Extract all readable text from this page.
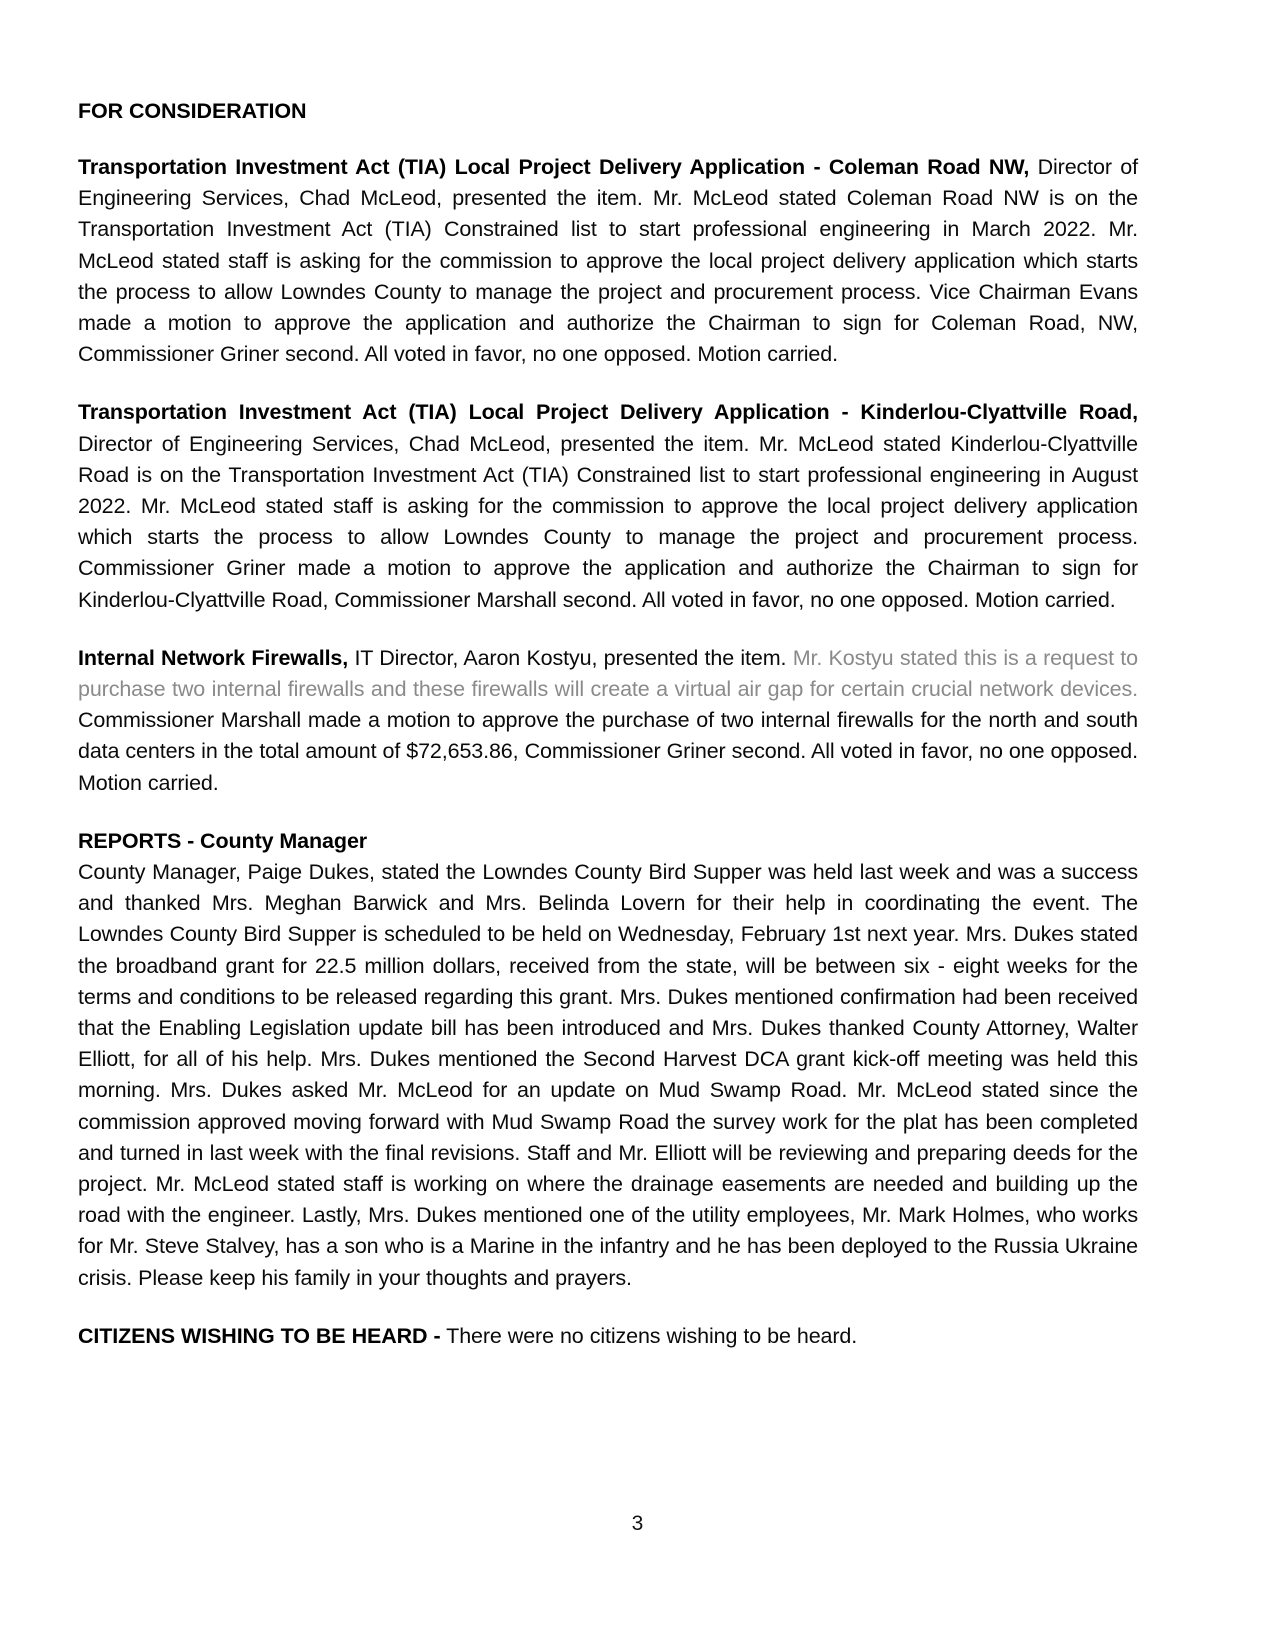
FOR CONSIDERATION

Transportation Investment Act (TIA) Local Project Delivery Application - Coleman Road NW, Director of Engineering Services, Chad McLeod, presented the item. Mr. McLeod stated Coleman Road NW is on the Transportation Investment Act (TIA) Constrained list to start professional engineering in March 2022. Mr. McLeod stated staff is asking for the commission to approve the local project delivery application which starts the process to allow Lowndes County to manage the project and procurement process. Vice Chairman Evans made a motion to approve the application and authorize the Chairman to sign for Coleman Road, NW, Commissioner Griner second. All voted in favor, no one opposed. Motion carried.

Transportation Investment Act (TIA) Local Project Delivery Application - Kinderlou-Clyattville Road, Director of Engineering Services, Chad McLeod, presented the item. Mr. McLeod stated Kinderlou-Clyattville Road is on the Transportation Investment Act (TIA) Constrained list to start professional engineering in August 2022. Mr. McLeod stated staff is asking for the commission to approve the local project delivery application which starts the process to allow Lowndes County to manage the project and procurement process. Commissioner Griner made a motion to approve the application and authorize the Chairman to sign for Kinderlou-Clyattville Road, Commissioner Marshall second. All voted in favor, no one opposed. Motion carried.

Internal Network Firewalls, IT Director, Aaron Kostyu, presented the item. Mr. Kostyu stated this is a request to purchase two internal firewalls and these firewalls will create a virtual air gap for certain crucial network devices. Commissioner Marshall made a motion to approve the purchase of two internal firewalls for the north and south data centers in the total amount of $72,653.86, Commissioner Griner second. All voted in favor, no one opposed. Motion carried.

REPORTS - County Manager

County Manager, Paige Dukes, stated the Lowndes County Bird Supper was held last week and was a success and thanked Mrs. Meghan Barwick and Mrs. Belinda Lovern for their help in coordinating the event. The Lowndes County Bird Supper is scheduled to be held on Wednesday, February 1st next year. Mrs. Dukes stated the broadband grant for 22.5 million dollars, received from the state, will be between six - eight weeks for the terms and conditions to be released regarding this grant. Mrs. Dukes mentioned confirmation had been received that the Enabling Legislation update bill has been introduced and Mrs. Dukes thanked County Attorney, Walter Elliott, for all of his help. Mrs. Dukes mentioned the Second Harvest DCA grant kick-off meeting was held this morning. Mrs. Dukes asked Mr. McLeod for an update on Mud Swamp Road. Mr. McLeod stated since the commission approved moving forward with Mud Swamp Road the survey work for the plat has been completed and turned in last week with the final revisions. Staff and Mr. Elliott will be reviewing and preparing deeds for the project. Mr. McLeod stated staff is working on where the drainage easements are needed and building up the road with the engineer. Lastly, Mrs. Dukes mentioned one of the utility employees, Mr. Mark Holmes, who works for Mr. Steve Stalvey, has a son who is a Marine in the infantry and he has been deployed to the Russia Ukraine crisis. Please keep his family in your thoughts and prayers.

CITIZENS WISHING TO BE HEARD - There were no citizens wishing to be heard.

3
